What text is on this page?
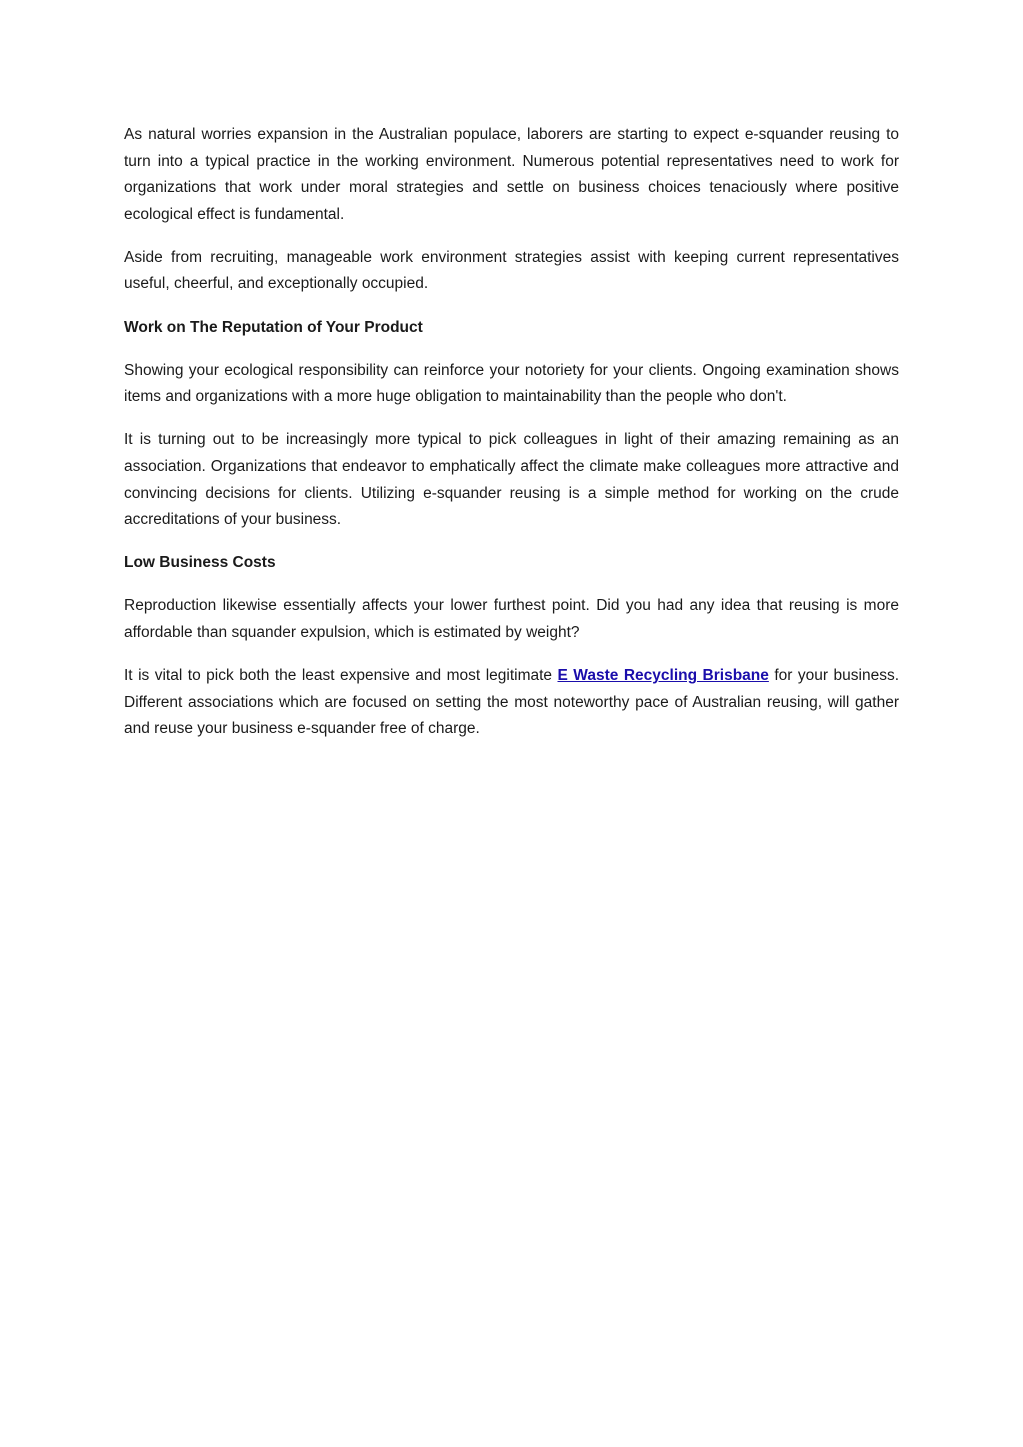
As natural worries expansion in the Australian populace, laborers are starting to expect e-squander reusing to turn into a typical practice in the working environment. Numerous potential representatives need to work for organizations that work under moral strategies and settle on business choices tenaciously where positive ecological effect is fundamental.

Aside from recruiting, manageable work environment strategies assist with keeping current representatives useful, cheerful, and exceptionally occupied.

Work on The Reputation of Your Product

Showing your ecological responsibility can reinforce your notoriety for your clients. Ongoing examination shows items and organizations with a more huge obligation to maintainability than the people who don't.

It is turning out to be increasingly more typical to pick colleagues in light of their amazing remaining as an association. Organizations that endeavor to emphatically affect the climate make colleagues more attractive and convincing decisions for clients. Utilizing e-squander reusing is a simple method for working on the crude accreditations of your business.

Low Business Costs

Reproduction likewise essentially affects your lower furthest point. Did you had any idea that reusing is more affordable than squander expulsion, which is estimated by weight?

It is vital to pick both the least expensive and most legitimate E Waste Recycling Brisbane for your business. Different associations which are focused on setting the most noteworthy pace of Australian reusing, will gather and reuse your business e-squander free of charge.
